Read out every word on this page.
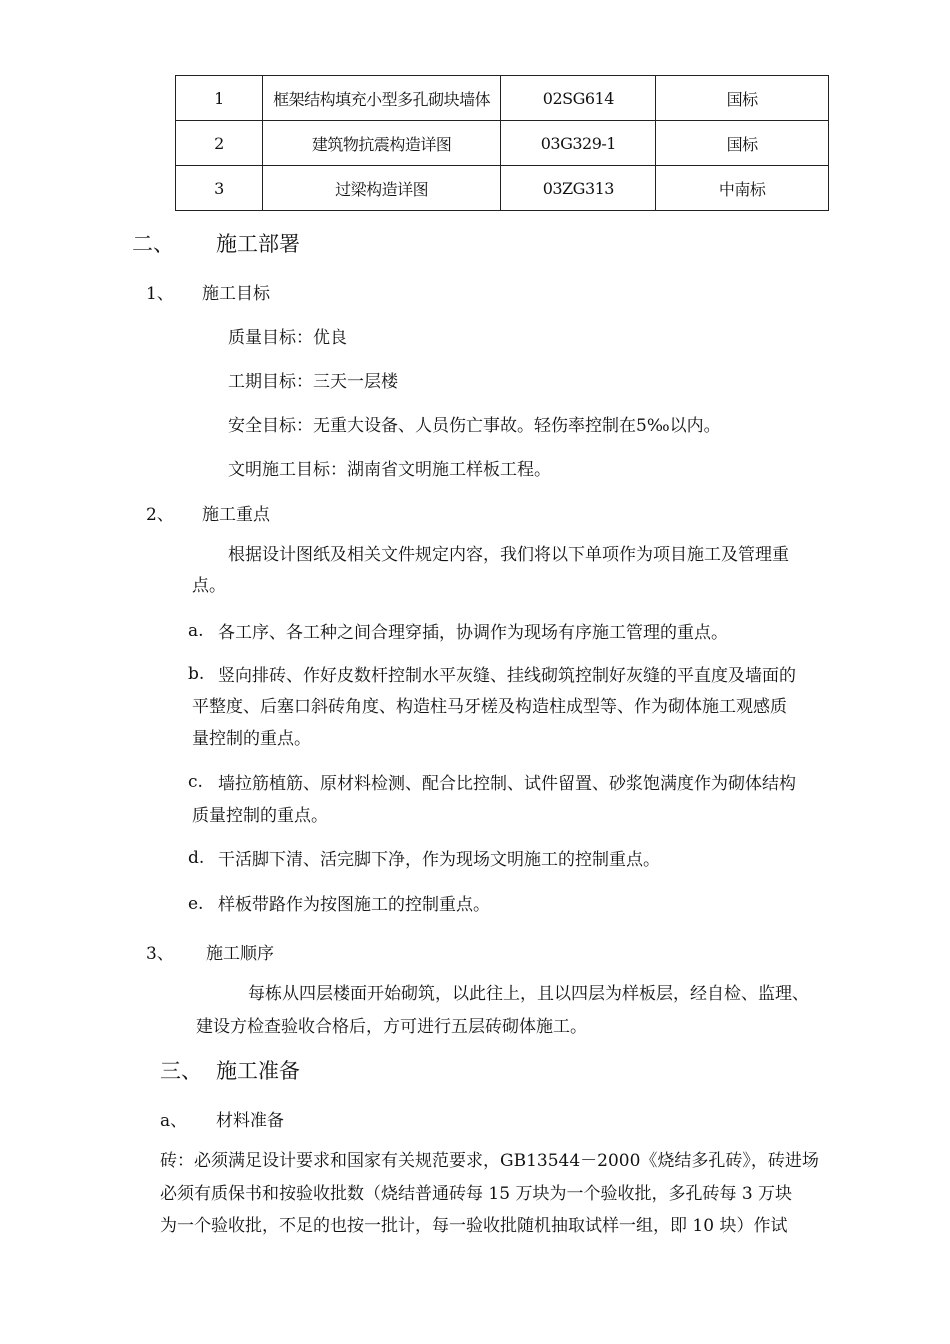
1	框架结构填充小型多孔砌块墙体	02SG614	国标
2	建筑物抗震构造详图	03G329-1	国标
3	过梁构造详图	03ZG313	中南标
二、 施工部署
1、 施工目标
质量目标：优良
工期目标：三天一层楼
安全目标：无重大设备、人员伤亡事故。轻伤率控制在5‰以内。
文明施工目标：湖南省文明施工样板工程。
2、 施工重点
根据设计图纸及相关文件规定内容，我们将以下单项作为项目施工及管理重
点。
a. 各工序、各工种之间合理穿插，协调作为现场有序施工管理的重点。
b. 竖向排砖、作好皮数杆控制水平灰缝、挂线砌筑控制好灰缝的平直度及墙面的
平整度、后塞口斜砖角度、构造柱马牙槎及构造柱成型等、作为砌体施工观感质
量控制的重点。
c. 墙拉筋植筋、原材料检测、配合比控制、试件留置、砂浆饱满度作为砌体结构
质量控制的重点。
d. 干活脚下清、活完脚下净，作为现场文明施工的控制重点。
e. 样板带路作为按图施工的控制重点。
3、 施工顺序
每栋从四层楼面开始砌筑，以此往上，且以四层为样板层，经自检、监理、
建设方检查验收合格后，方可进行五层砖砌体施工。
三、 施工准备
a、 材料准备
砖：必须满足设计要求和国家有关规范要求，GB13544－2000《烧结多孔砖》，砖进场
必须有质保书和按验收批数（烧结普通砖每 15 万块为一个验收批，多孔砖每 3 万块
为一个验收批，不足的也按一批计，每一验收批随机抽取试样一组，即 10 块）作试
